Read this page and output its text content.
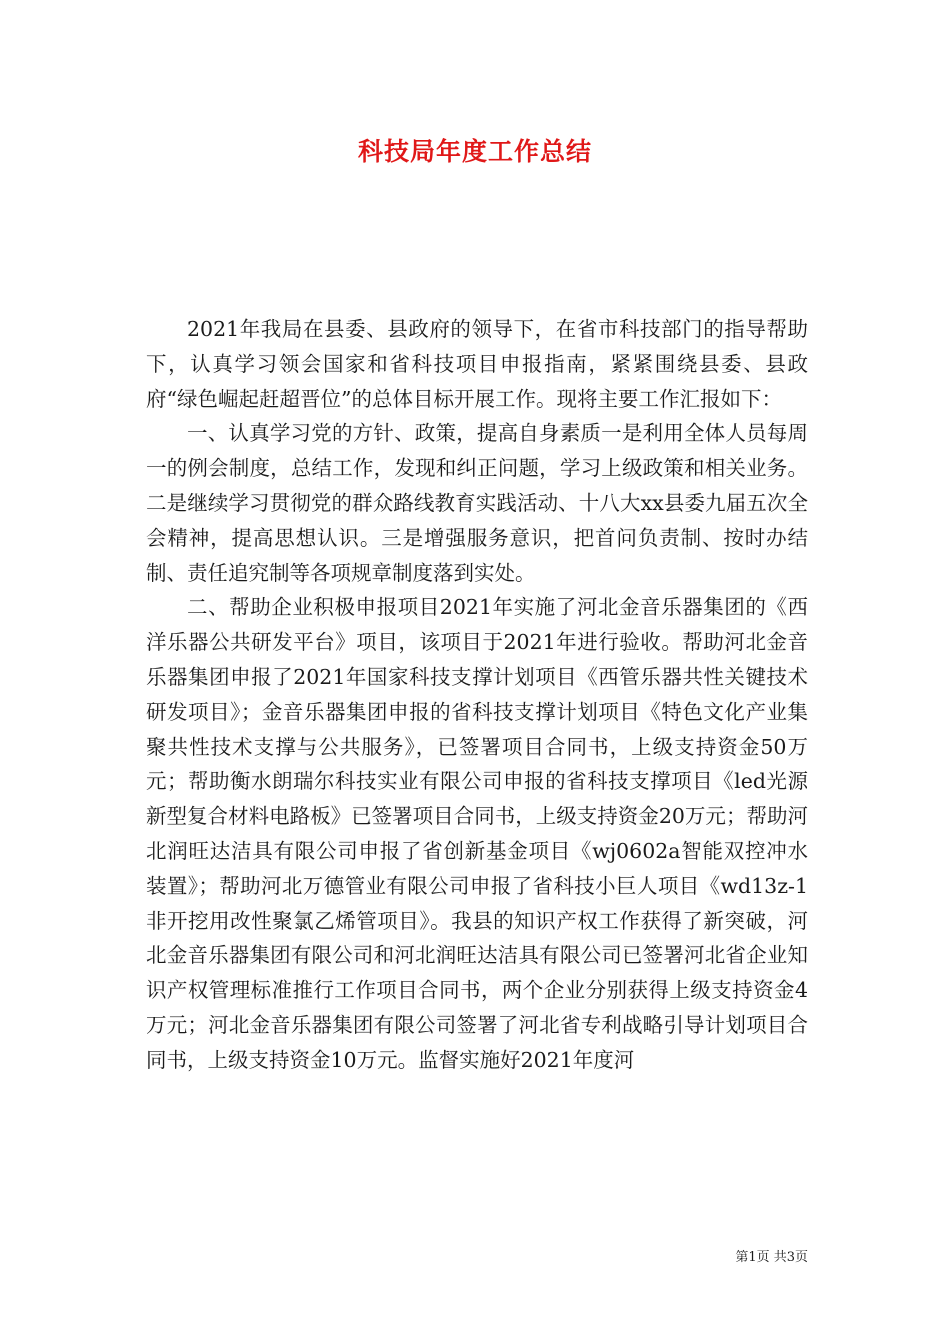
科技局年度工作总结

2021年我局在县委、县政府的领导下，在省市科技部门的指导帮助下，认真学习领会国家和省科技项目申报指南，紧紧围绕县委、县政府“绿色崛起赶超晋位”的总体目标开展工作。现将主要工作汇报如下：

一、认真学习党的方针、政策，提高自身素质一是利用全体人员每周一的例会制度，总结工作，发现和纠正问题，学习上级政策和相关业务。二是继续学习贯彻党的群众路线教育实践活动、十八大xx县委九届五次全会精神，提高思想认识。三是增强服务意识，把首问负责制、按时办结制、责任追究制等各项规章制度落到实处。

二、帮助企业积极申报项目2021年实施了河北金音乐器集团的《西洋乐器公共研发平台》项目，该项目于2021年进行验收。帮助河北金音乐器集团申报了2021年国家科技支撑计划项目《西管乐器共性关键技术研发项目》；金音乐器集团申报的省科技支撑计划项目《特色文化产业集聚共性技术支撑与公共服务》，已签署项目合同书，上级支持资金50万元；帮助衡水朗瑞尔科技实业有限公司申报的省科技支撑项目《led光源新型复合材料电路板》已签署项目合同书，上级支持资金20万元；帮助河北润旺达洁具有限公司申报了省创新基金项目《wj0602a智能双控冲水装置》；帮助河北万德管业有限公司申报了省科技小巨人项目《wd13z-1非开挖用改性聚氯乙烯管项目》。我县的知识产权工作获得了新突破，河北金音乐器集团有限公司和河北润旺达洁具有限公司已签署河北省企业知识产权管理标准推行工作项目合同书，两个企业分别获得上级支持资金4万元；河北金音乐器集团有限公司签署了河北省专利战略引导计划项目合同书，上级支持资金10万元。监督实施好2021年度河

第1页 共3页
